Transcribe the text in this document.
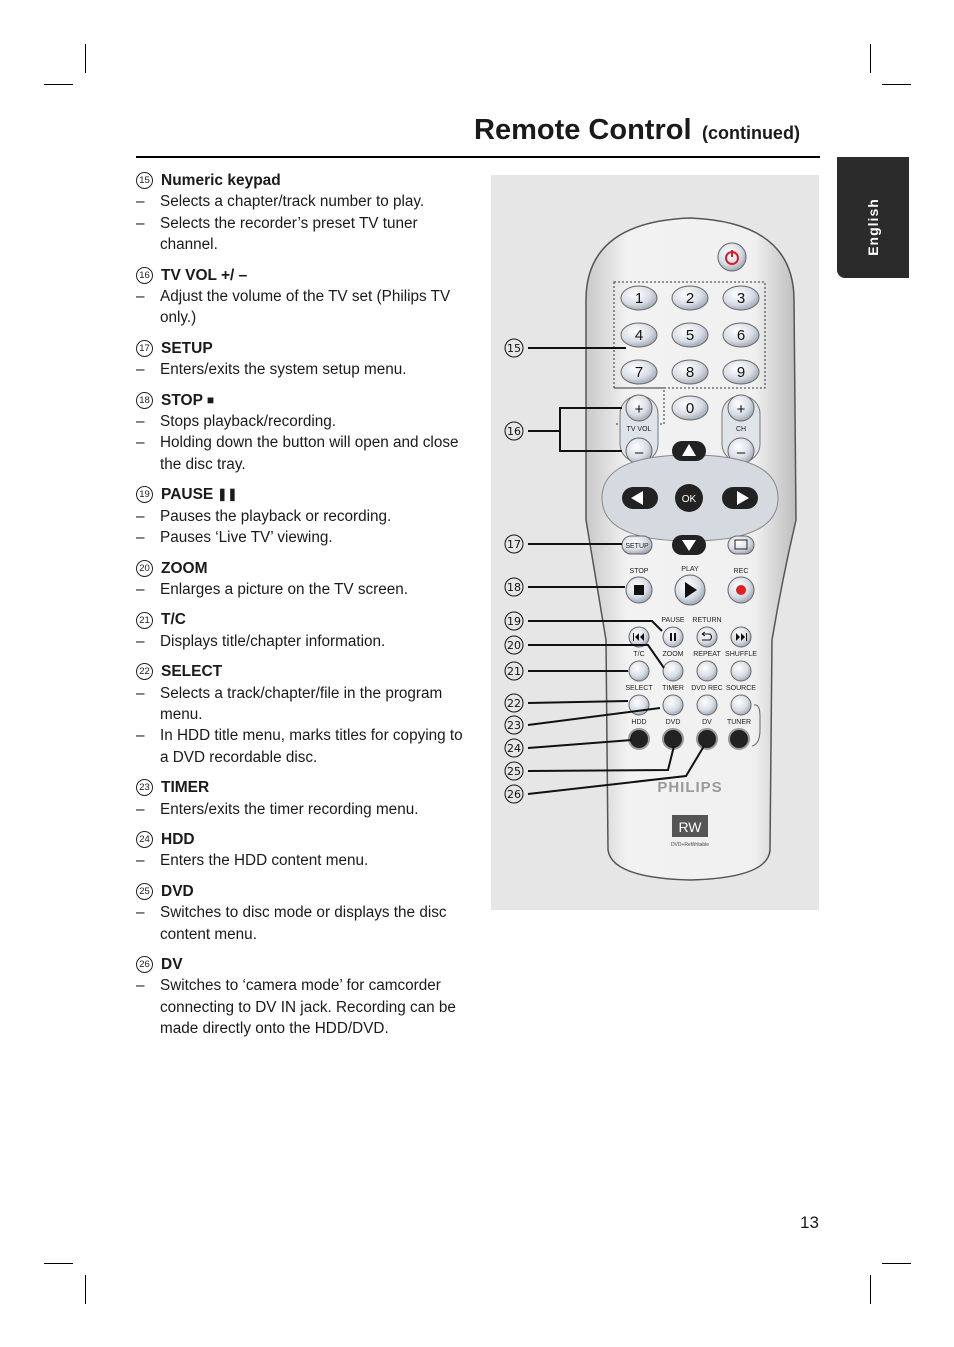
Remote Control (continued)
English
15 Numeric keypad
–	Selects a chapter/track number to play.
–	Selects the recorder’s preset TV tuner channel.
16 TV VOL +/ –
–	Adjust the volume of the TV set (Philips TV only.)
17 SETUP
–	Enters/exits the system setup menu.
18 STOP ■
–	Stops playback/recording.
–	Holding down the button will open and close the disc tray.
19 PAUSE ❚❚
–	Pauses the playback or recording.
–	Pauses ‘Live TV’ viewing.
20 ZOOM
–	Enlarges a picture on the TV screen.
21 T/C
–	Displays title/chapter information.
22 SELECT
–	Selects a track/chapter/file in the program menu.
–	In HDD title menu, marks titles for copying to a DVD recordable disc.
23 TIMER
–	Enters/exits the timer recording menu.
24 HDD
–	Enters the HDD content menu.
25 DVD
–	Switches to disc mode or displays the disc content menu.
26 DV
–	Switches to ‘camera mode’ for camcorder connecting to DV IN jack. Recording can be made directly onto the HDD/DVD.
1	2	3
4	5	6
7	8	9
0
+
–
+
–
TV VOL	CH
OK
SETUP
STOP	PLAY	REC
PAUSE RETURN
T/C	ZOOM REPEAT SHUFFLE
SELECT TIMER DVD REC SOURCE
HDD	DVD	DV TUNER
PHILIPS
RW
DVD+ReWritable
15
16
17
18
19
20
21
22
23
24
25
26
13
